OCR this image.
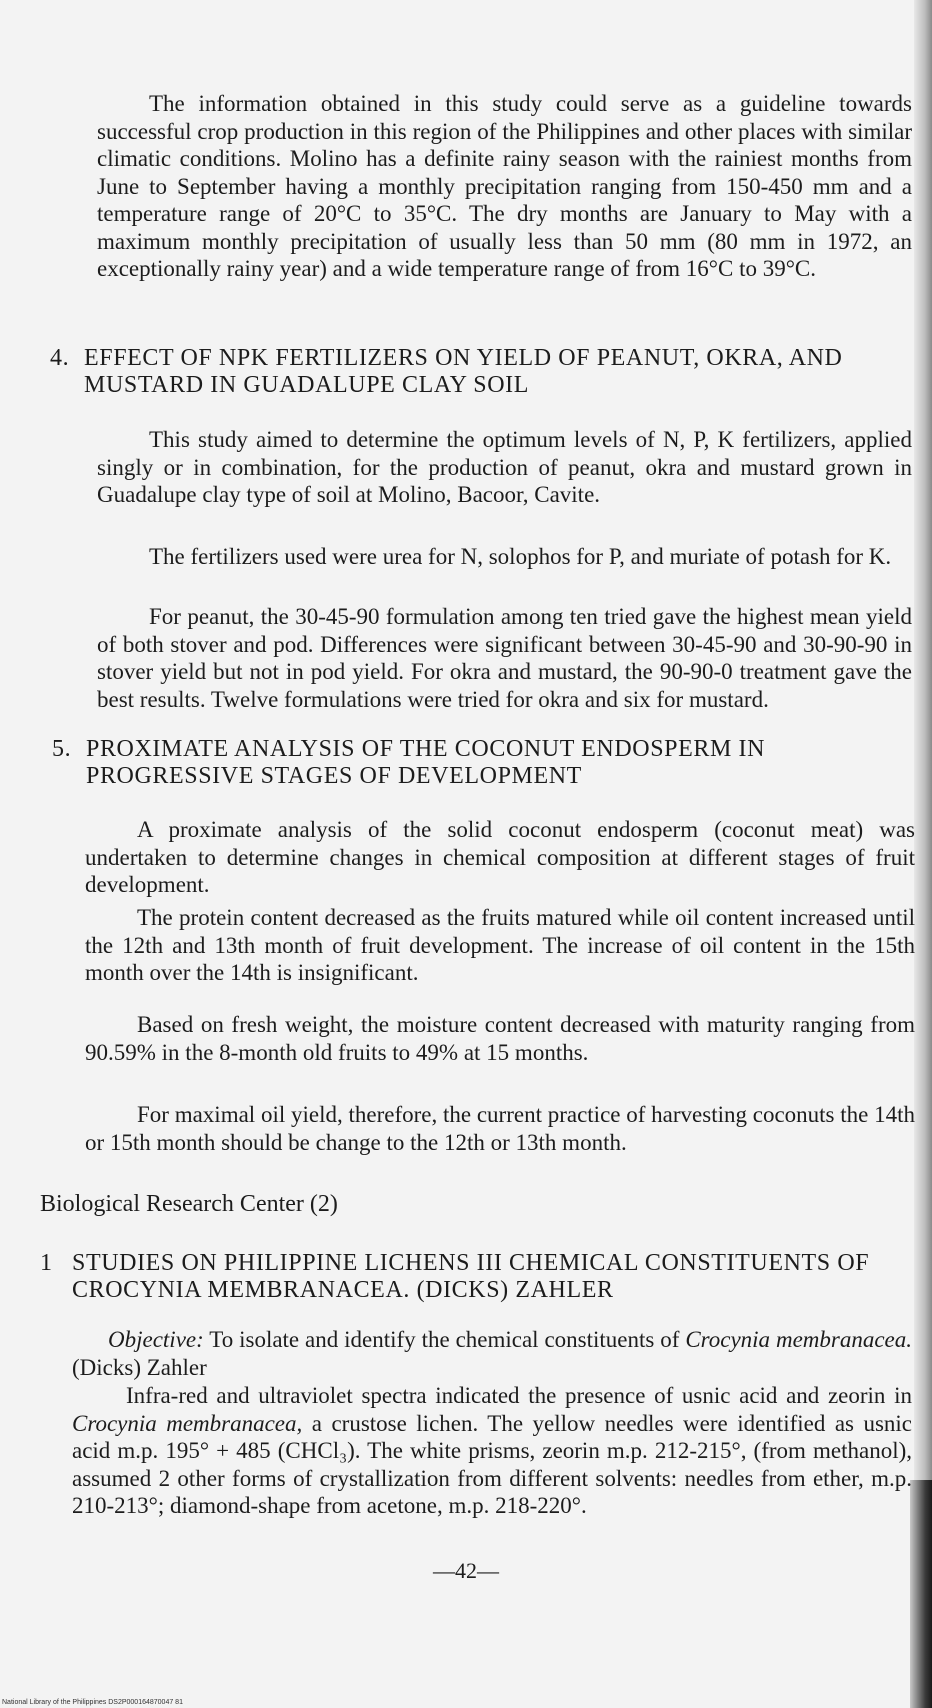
The information obtained in this study could serve as a guideline towards successful crop production in this region of the Philippines and other places with similar climatic conditions. Molino has a definite rainy season with the rainiest months from June to September having a monthly precipitation ranging from 150-450 mm and a temperature range of 20°C to 35°C. The dry months are January to May with a maximum monthly precipitation of usually less than 50 mm (80 mm in 1972, an exceptionally rainy year) and a wide temperature range of from 16°C to 39°C.

4. EFFECT OF NPK FERTILIZERS ON YIELD OF PEANUT, OKRA, AND MUSTARD IN GUADALUPE CLAY SOIL

This study aimed to determine the optimum levels of N, P, K fertilizers, applied singly or in combination, for the production of peanut, okra and mustard grown in Guadalupe clay type of soil at Molino, Bacoor, Cavite.

The fertilizers used were urea for N, solophos for P, and muriate of potash for K.

For peanut, the 30-45-90 formulation among ten tried gave the highest mean yield of both stover and pod. Differences were significant between 30-45-90 and 30-90-90 in stover yield but not in pod yield. For okra and mustard, the 90-90-0 treatment gave the best results. Twelve formulations were tried for okra and six for mustard.

5. PROXIMATE ANALYSIS OF THE COCONUT ENDOSPERM IN PROGRESSIVE STAGES OF DEVELOPMENT

A proximate analysis of the solid coconut endosperm (coconut meat) was undertaken to determine changes in chemical composition at different stages of fruit development.

The protein content decreased as the fruits matured while oil content increased until the 12th and 13th month of fruit development. The increase of oil content in the 15th month over the 14th is insignificant.

Based on fresh weight, the moisture content decreased with maturity ranging from 90.59% in the 8-month old fruits to 49% at 15 months.

For maximal oil yield, therefore, the current practice of harvesting coconuts the 14th or 15th month should be change to the 12th or 13th month.

Biological Research Center (2)
1 STUDIES ON PHILIPPINE LICHENS III CHEMICAL CONSTITUENTS OF CROCYNIA MEMBRANACEA. (DICKS) ZAHLER

Objective: To isolate and identify the chemical constituents of Crocynia membranacea. (Dicks) Zahler

Infra-red and ultraviolet spectra indicated the presence of usnic acid and zeorin in Crocynia membranacea, a crustose lichen. The yellow needles were identified as usnic acid m.p. 195° + 485 (CHCl₃). The white prisms, zeorin m.p. 212-215°, (from methanol), assumed 2 other forms of crystallization from different solvents: needles from ether, m.p. 210-213°; diamond-shape from acetone, m.p. 218-220°.

—42—

National Library of the Philippines DS2P000164870047 81
